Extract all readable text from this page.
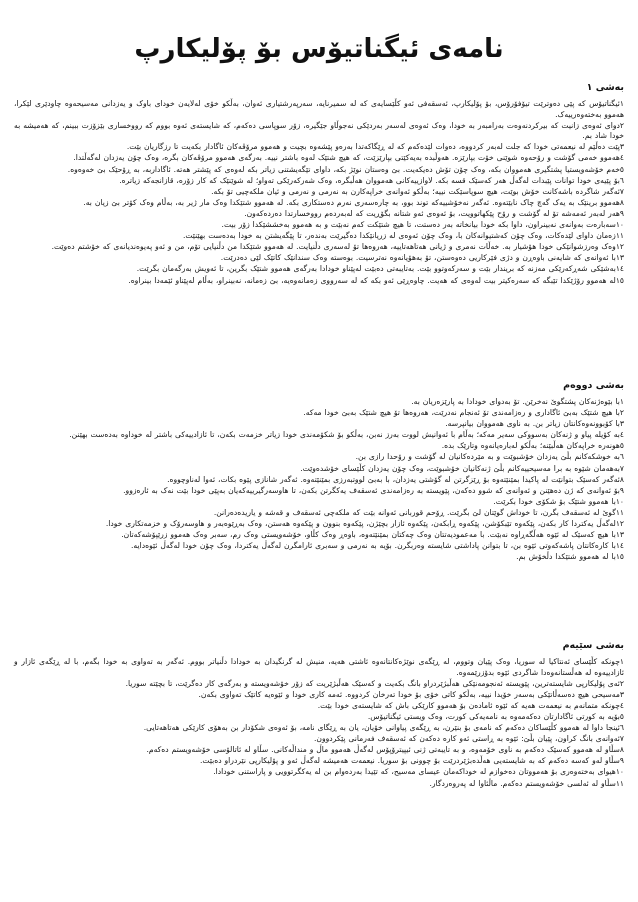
نامەی ئیگناتیۆس بۆ پۆلیکارپ
بەشی ١

١ئیگناتیۆس کە پێی دەوترێت تیۆفۆرۆس، بۆ پۆلیکارپ، ئەسقەفی ئەو کڵێسایەی کە لە سمیرنایە، سەرپەرشتیاری ئەوان، بەڵکو خۆی لەلایەن خودای باوک و یەزدانی مەسیحەوە چاودێری لێکرا، هەموو بەختەوەرییەک.

٢دوای ئەوەی زانیت کە بیرکردنەوەت بەرامبەر بە خودا، وەک ئەوەی لەسەر بەردێکی نەجوڵاو جێگیرە، زۆر سوپاسی دەکەم، کە شایستەی ئەوە بووم کە رووخساری بێزۆزت ببینم، کە هەمیشە بە خودا شاد بم.

٣پێت دەڵێم لە نیعمەتی خودا کە جلت لەبەر کردووە، دەوات لێدەکەم کە لە ڕێگاکەتدا بەرەو پێشەوە بچیت و هەموو مرۆڤەکان ئاگادار بکەیت تا رزگاریان بێت.

٤هەموو خەمی گۆشت و رۆحەوە شوێنی خۆت بپارێزە. هەوڵبدە بەیەکێتی بپارێزێت، کە هیچ شتێک لەوە باشتر نییە. بەرگەی هەموو مرۆڤەکان بگرە، وەک چۆن یەزدان لەگەڵتدا.

٥خەم خۆشەویستیا پشتگیری هەمووان بکە، وەک چۆن تۆش دەیکەیت. بێ وەستان نوێژ بکە، داوای تێگەیشتنی زیاتر بکە لەوەی کە پێشتر هەتە. ئاگاداربە، بە ڕۆحێک بێ خەوەوە.

٦بۆ پێیەی خودا توانات پێبدات لەگەڵ هەر کەسێک قسە بکە. لاوازییەکانی هەمووان هەڵبگرە، وەک شەرکەرێکی تەواو؛ لە شوێنێک کە کار زۆرە، قازانجەکە زیاترە.

٧ئەگەر شاگردە باشەکانت خۆش بوێت، هیچ سوپاسێکت نییە؛ بەڵکو ئەوانەی خراپەکارن بە نەرمی و نەرمی و ئیان ملکەچیی تۆ بکە.

٨هەموو برینێک بە یەک گەچ چاک نابێتەوە. ئەگەر نەخۆشییەکە توند بوو، بە چارەسەری نەرم دەستکاری بکە. لە هەموو شتێکدا وەک مار ژیر بە، بەڵام وەک کۆتر بێ زیان بە.

٩هەر لەبەر ئەمەشە تۆ لە گۆشت و رۆح پێکهاتوویت، بۆ ئەوەی ئەو شتانە بگۆڕیت کە لەبەردەم رووخسارتدا دەردەکەون.

١٠سەبارەت بەوانەی نەبینراون، داوا بکە خودا بیانخاتە بەر دەستت، تا هیچ شتێکت کەم نەبێت و بە هەموو بەخششێکدا زۆر بیت.

١١زەمان داوای لێدەکات، وەک چۆن کەشتیوانەکان با، وەک چۆن ئەوەی لە زریانێکدا دەگیرێت بەندەر، تا پێگەیشتن بە خودا بەدەست بهێنێت.

١٢وەک وەرزشوانێکی خودا هۆشیار بە. خەڵات نەمری و ژیانی هەتاهەتاییە، هەروەها تۆ لەسەری دڵنیایت. لە هەموو شتێکدا من دڵنیایی تۆم، من و ئەو پەیوەندیانەی کە خۆشتم دەوێت.

١٣با ئەوانەی کە شایەنی باوەڕن و دژی فێرکاریی دەوەستن، تۆ بەهۆیانەوە نەترسیت. بوەستە وەک سندانێک کاتێک لێی دەدرێت.

١٤بەشێکی شەڕکەرێکی مەزنە کە بریندار بێت و سەرکەوتوو بێت. بەتایبەتی دەبێت لەپێناو خودادا بەرگەی هەموو شتێک بگرین، تا ئەویش بەرگەمان بگرێت.

١٥لە هەموو رۆژێکدا تێبگە کە سەرەکیتر بیت لەوەی کە هەیت. چاوەڕێی ئەو بکە کە لە سەرووی زەمانەوەیە، بێ زەمانە، نەبینراو، بەڵام لەپێناو ئێمەدا بینراوە.

بەشی دووەم

١با بێوەژنەکان پشتگوێ نەخرێن. تۆ بەدوای خودادا بە پارێزەریان بە.

٢با هیچ شتێک بەبێ ئاگاداری و رەزامەندی تۆ ئەنجام نەدرێت، هەروەها تۆ هیچ شتێک بەبێ خودا مەکە.

٣با کۆبوونەوەکانتان زیاتر بن. بە ناوی هەمووان بیانپرسە.

٤بە کۆیلە پیاو و ژنەکان بەسووکی سەیر مەکە؛ بەڵام با ئەوانیش لووت بەرز نەبن، بەڵکو بۆ شکۆمەندی خودا زیاتر خزمەت بکەن، تا ئازادییەکی باشتر لە خوداوە بەدەست بهێنن.

٥هونەرە خراپەکان هەڵبێنە؛ بەڵکو لەبارەیانەوە وتارێک بدە.

٦بە خوشکەکانم بڵێ یەزدان خۆشبوێت و بە مێردەکانیان لە گۆشت و رۆحدا رازی بن.

٧بەهەمان شێوە بە برا مەسیحییەکانم بڵێ ژنەکانیان خۆشبوێت، وەک چۆن یەزدان کڵێسای خۆشدەوێت.

٨ئەگەر کەسێک بتوانێت لە پاکیدا بمێنێتەوە بۆ ڕێزگرتن لە گۆشتی یەزدان، با بەبێ لووتبەرزی بمێنێتەوە. ئەگەر شانازی پێوە بکات، ئەوا لەناوچووە.

٩بۆ ئەوانەی کە ژن دەهێنن و ئەوانەی کە شوو دەکەن، پێویستە بە رەزامەندی ئەسقەف یەکگرتن بکەن، تا هاوسەرگیرییەکەیان بەپێی خودا بێت نەک بە ئارەزوو.

١٠با هەموو شتێک بۆ شکۆی خودا بکرێت.

١١گوێ لە ئەسقەف بگرن، تا خوداش گوێتان لێ بگرێت. ڕۆحم قوربانی ئەوانە بێت کە ملکەچی ئەسقەف و قەشە و یاریدەدەرانن.

١٢لەگەڵ یەکتردا کار بکەن، پێکەوە تێبکۆشن، پێکەوە ڕابکەن، پێکەوە ئازار بچێژن، پێکەوە بنوون و پێکەوە هەستن، وەک بەڕێوەبەر و هاوسەرۆک و خزمەتکاری خودا.

١٣با هیچ کەسێک لە ئێوە هەڵگەڕاوە نەبێت. با مەعمودیەتتان وەک چەکتان بمێنێتەوە، باوەڕ وەک کڵاو، خۆشەویستی وەک رم، سەبر وەک هەموو زرێپۆشەکەتان.

١٤با کارەکانتان پاشەکەوتی ئێوە بن، تا بتوانن پاداشتی شایستە وەربگرن. بۆیە بە نەرمی و سەبری ئارامگرن لەگەڵ یەکتردا، وەک چۆن خودا لەگەڵ ئێوەدایە.

١٥با لە هەموو شتێکدا دڵخۆش بم.

بەشی سێیەم

١چونکە کڵێسای ئەنتاکیا لە سوریا، وەک پێیان وتووم، لە ڕێگەی نوێژەکانتانەوە ئاشتی هەیە، منیش لە گرنگیدان بە خودادا دڵنیاتر بووم. ئەگەر بە تەواوی بە خودا بگەم، با لە ڕێگەی ئازار و ئازادییەوە لە هەڵستانەوەدا شاگردی ئێوە بدۆزرێمەوە.

٢ئەی پۆلیکارپی شایستەترین، پێویستە ئەنجومەنێکی هەڵبژێردراو بانگ بکەیت و کەسێک هەڵبژێریت کە زۆر خۆشەویستە و بەرگەی کار دەگرێت، تا بچێتە سوریا.

٣مەسیحی هیچ دەسەڵاتێکی بەسەر خۆیدا نییە، بەڵکو کاتی خۆی بۆ خودا تەرخان کردووە. ئەمە کاری خودا و ئێوەیە کاتێک تەواوی بکەن.

٤چونکە متمانەم بە نیعمەت هەیە کە ئێوە ئامادەن بۆ هەموو کارێکی باش کە شایستەی خودا بێت.

٥بۆیە بە کورتی ئاگادارتان دەکەمەوە بە نامەیەکی کورت، وەک ویستی ئیگناتیۆس.

٦ئینجا داوا لە هەموو کڵێساکان دەکەم کە نامەی بۆ بنێرن، بە ڕێگەی پیاوانی خۆیان، یان بە ڕێگای نامە، بۆ ئەوەی شکۆدار بن بەهۆی کارێکی هەتاهەتایی.

٧ئەوانەی بانگ کراون، پێیان بڵێ: ئێوە بە ڕاستی ئەو کارە دەکەن کە ئەسقەف فەرمانی پێکردوون.

٨سڵاو لە هەموو کەسێک دەکەم بە ناوی خۆمەوە، و بە تایبەتی ژنی ئیپیترۆپۆس لەگەڵ هەموو ماڵ و منداڵەکانی. سڵاو لە ئاتالۆسی خۆشەویستم دەکەم.

٩سڵاو لەو کەسە دەکەم کە بە شایستەیی هەڵدەبژێردرێت بۆ چوونی بۆ سوریا. نیعمەت هەمیشە لەگەڵ ئەو و پۆلیکارپی نێردراو دەبێت.

١٠هیوای بەختەوەری بۆ هەمووتان دەخوازم لە خوداکەمان عیسای مەسیح، کە تێیدا بەردەوام بن لە یەکگرتوویی و پاراستنی خودادا.

١١سڵاو لە ئەلسی خۆشەویستم دەکەم. ماڵئاوا لە پەروەردگار.
